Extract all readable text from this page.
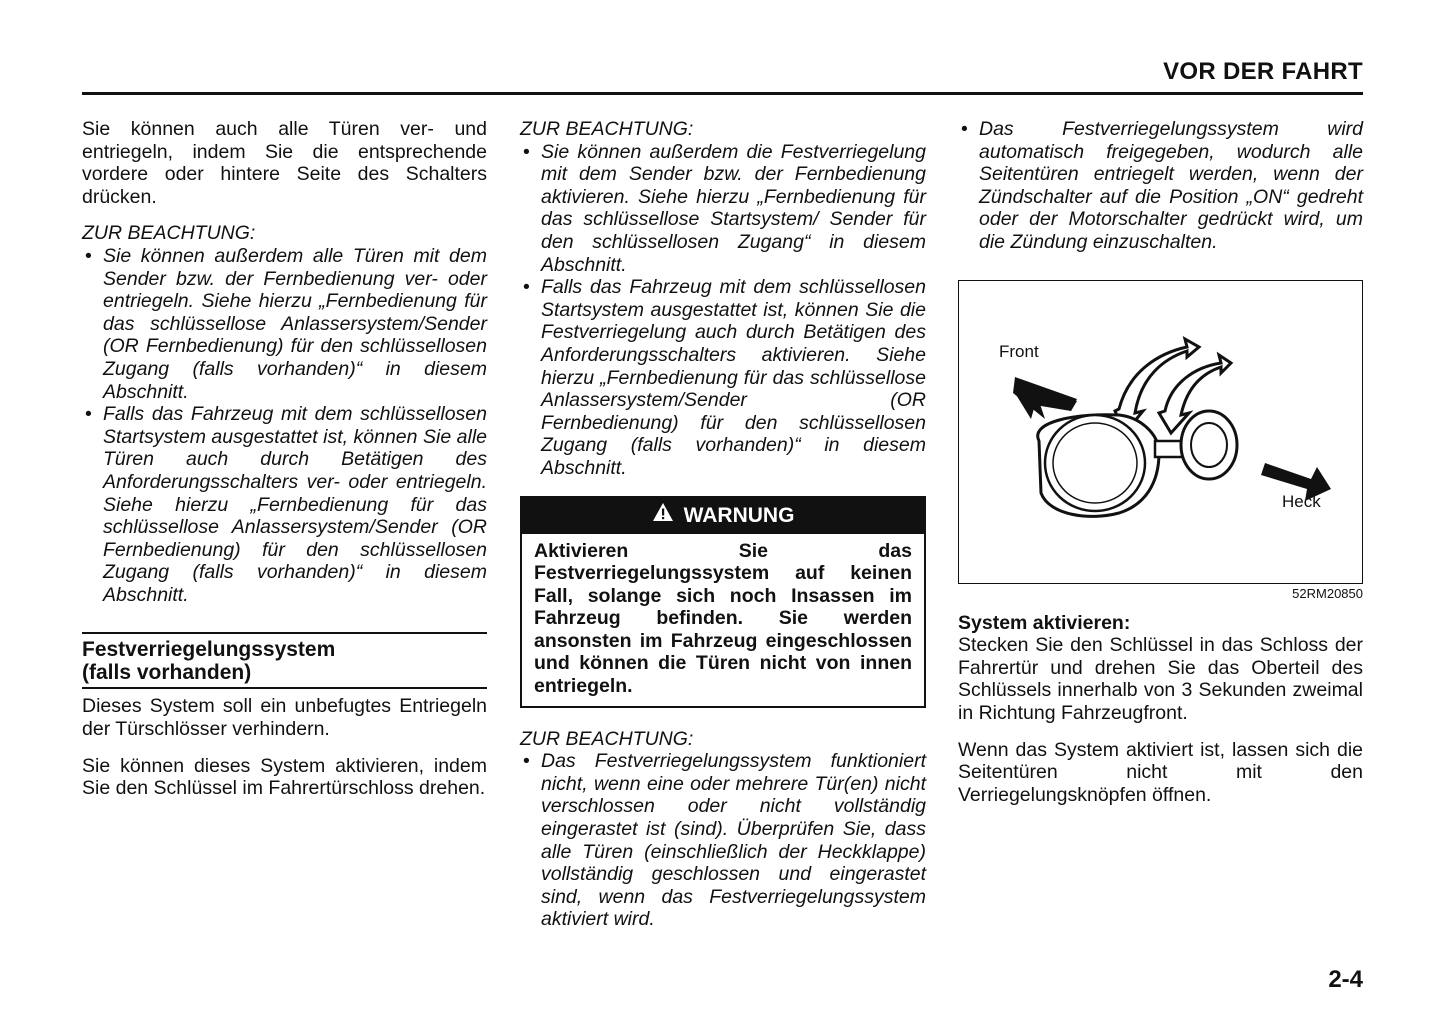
VOR DER FAHRT

Sie können auch alle Türen ver- und entriegeln, indem Sie die entsprechende vordere oder hintere Seite des Schalters drücken.

ZUR BEACHTUNG:
• Sie können außerdem alle Türen mit dem Sender bzw. der Fernbedienung ver- oder entriegeln. Siehe hierzu „Fernbedienung für das schlüssellose Anlassersystem/Sender (OR Fernbedienung) für den schlüssellosen Zugang (falls vorhanden)“ in diesem Abschnitt.
• Falls das Fahrzeug mit dem schlüssellosen Startsystem ausgestattet ist, können Sie alle Türen auch durch Betätigen des Anforderungsschalters ver- oder entriegeln. Siehe hierzu „Fernbedienung für das schlüssellose Anlassersystem/Sender (OR Fernbedienung) für den schlüssellosen Zugang (falls vorhanden)“ in diesem Abschnitt.
Festverriegelungssystem
(falls vorhanden)

Dieses System soll ein unbefugtes Entriegeln der Türschlösser verhindern.

Sie können dieses System aktivieren, indem Sie den Schlüssel im Fahrertürschloss drehen.

ZUR BEACHTUNG:
• Sie können außerdem die Festverriegelung mit dem Sender bzw. der Fernbedienung aktivieren. Siehe hierzu „Fernbedienung für das schlüssellose Startsystem/ Sender für den schlüssellosen Zugang“ in diesem Abschnitt.
• Falls das Fahrzeug mit dem schlüssellosen Startsystem ausgestattet ist, können Sie die Festverriegelung auch durch Betätigen des Anforderungsschalters aktivieren. Siehe hierzu „Fernbedienung für das schlüssellose Anlassersystem/Sender (OR Fernbedienung) für den schlüssellosen Zugang (falls vorhanden)“ in diesem Abschnitt.
WARNUNG
Aktivieren Sie das Festverriegelungssystem auf keinen Fall, solange sich noch Insassen im Fahrzeug befinden. Sie werden ansonsten im Fahrzeug eingeschlossen und können die Türen nicht von innen entriegeln.
ZUR BEACHTUNG:
• Das Festverriegelungssystem funktioniert nicht, wenn eine oder mehrere Tür(en) nicht verschlossen oder nicht vollständig eingerastet ist (sind). Überprüfen Sie, dass alle Türen (einschließlich der Heckklappe) vollständig geschlossen und eingerastet sind, wenn das Festverriegelungssystem aktiviert wird.
• Das Festverriegelungssystem wird automatisch freigegeben, wodurch alle Seitentüren entriegelt werden, wenn der Zündschalter auf die Position „ON“ gedreht oder der Motorschalter gedrückt wird, um die Zündung einzuschalten.
Front
Heck
52RM20850
System aktivieren:

Stecken Sie den Schlüssel in das Schloss der Fahrertür und drehen Sie das Oberteil des Schlüssels innerhalb von 3 Sekunden zweimal in Richtung Fahrzeugfront.

Wenn das System aktiviert ist, lassen sich die Seitentüren nicht mit den Verriegelungsknöpfen öffnen.

2-4
